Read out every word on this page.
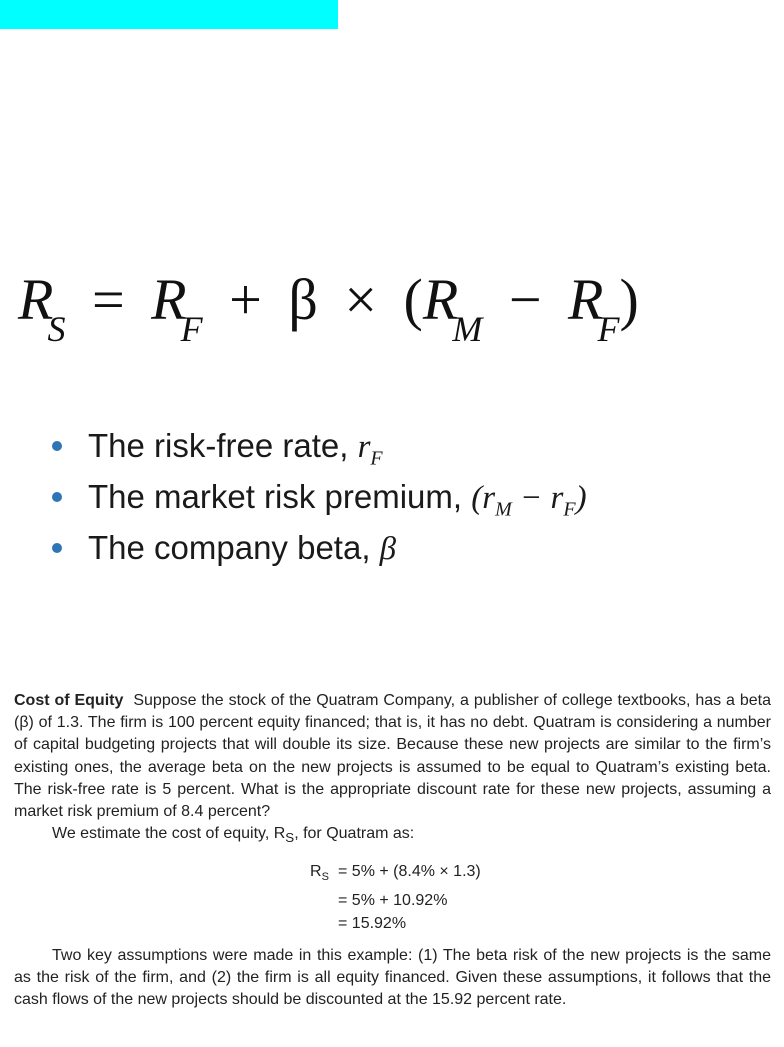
$R_S = R_F + \beta \times (R_M - R_F)$
The risk-free rate, $r_F$
The market risk premium, $(r_M - r_F)$
The company beta, β

Cost of Equity Suppose the stock of the Quatram Company, a publisher of college textbooks, has a beta (β) of 1.3. The firm is 100 percent equity financed; that is, it has no debt. Quatram is considering a number of capital budgeting projects that will double its size. Because these new projects are similar to the firm’s existing ones, the average beta on the new projects is assumed to be equal to Quatram’s existing beta. The risk-free rate is 5 percent. What is the appropriate discount rate for these new projects, assuming a market risk premium of 8.4 percent?

We estimate the cost of equity, $R_S$, for Quatram as:

$R_S = 5\% + (8.4\% \times 1.3)$
= 5% + 10.92%
= 15.92%

Two key assumptions were made in this example: (1) The beta risk of the new projects is the same as the risk of the firm, and (2) the firm is all equity financed. Given these assumptions, it follows that the cash flows of the new projects should be discounted at the 15.92 percent rate.
